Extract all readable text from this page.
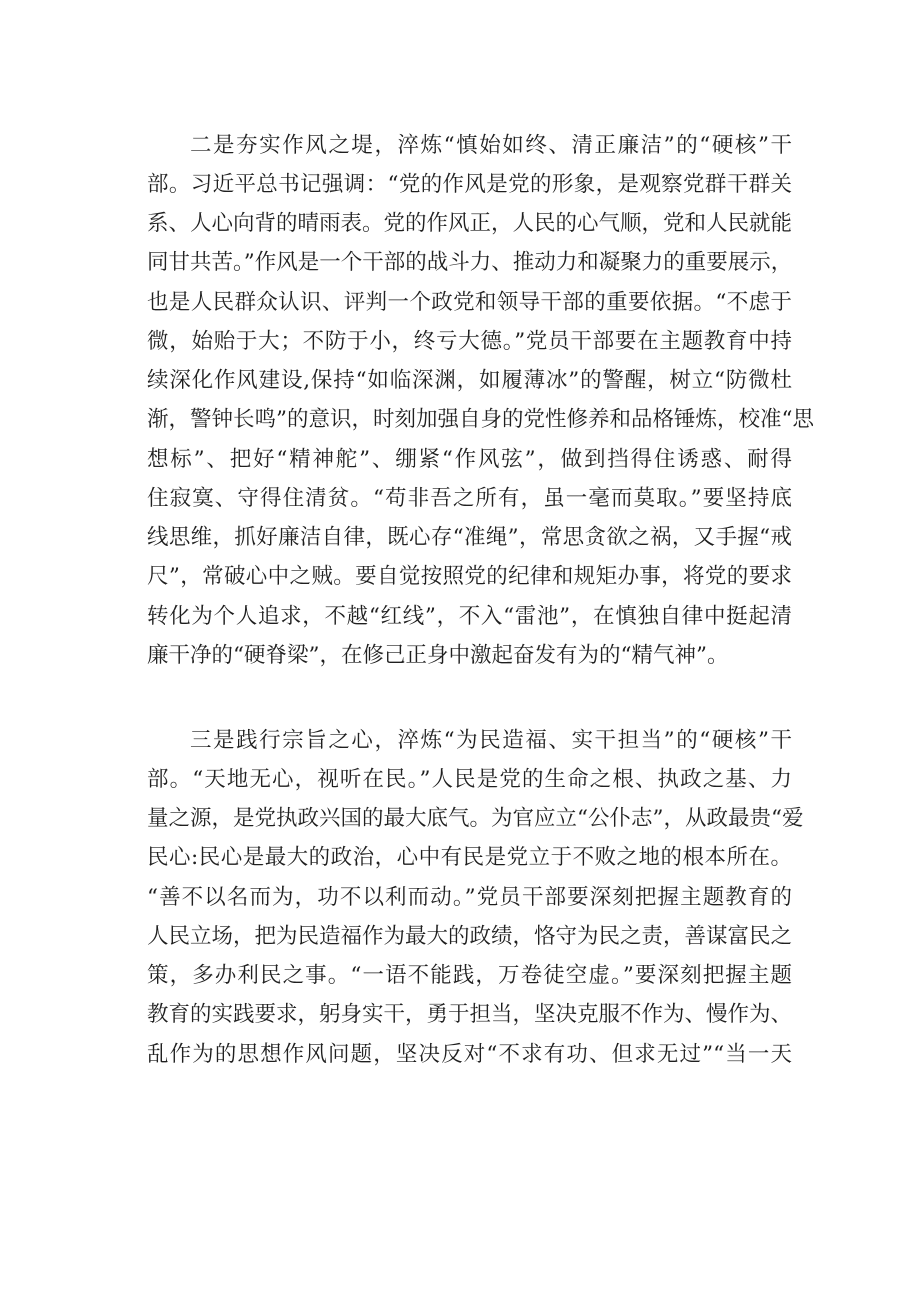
二是夯实作风之堤，淬炼“慎始如终、清正廉洁”的“硬核”干
部。习近平总书记强调：“党的作风是党的形象，是观察党群干群关
系、人心向背的晴雨表。党的作风正，人民的心气顺，党和人民就能
同甘共苦。”作风是一个干部的战斗力、推动力和凝聚力的重要展示，
也是人民群众认识、评判一个政党和领导干部的重要依据。“不虑于
微，始贻于大；不防于小，终亏大德。”党员干部要在主题教育中持
续深化作风建设,保持“如临深渊，如履薄冰”的警醒，树立“防微杜
渐，警钟长鸣”的意识，时刻加强自身的党性修养和品格锤炼，校准“思
想标”、把好“精神舵”、绷紧“作风弦”，做到挡得住诱惑、耐得
住寂寞、守得住清贫。“苟非吾之所有，虽一毫而莫取。”要坚持底
线思维，抓好廉洁自律，既心存“准绳”，常思贪欲之祸，又手握“戒
尺”，常破心中之贼。要自觉按照党的纪律和规矩办事，将党的要求
转化为个人追求，不越“红线”，不入“雷池”，在慎独自律中挺起清
廉干净的“硬脊梁”，在修己正身中激起奋发有为的“精气神”。
三是践行宗旨之心，淬炼“为民造福、实干担当”的“硬核”干
部。“天地无心，视听在民。”人民是党的生命之根、执政之基、力
量之源，是党执政兴国的最大底气。为官应立“公仆志”，从政最贵“爱
民心:民心是最大的政治，心中有民是党立于不败之地的根本所在。
“善不以名而为，功不以利而动。”党员干部要深刻把握主题教育的
人民立场，把为民造福作为最大的政绩，恪守为民之责，善谋富民之
策，多办利民之事。“一语不能践，万卷徒空虚。”要深刻把握主题
教育的实践要求，躬身实干，勇于担当，坚决克服不作为、慢作为、
乱作为的思想作风问题，坚决反对“不求有功、但求无过”“当一天
